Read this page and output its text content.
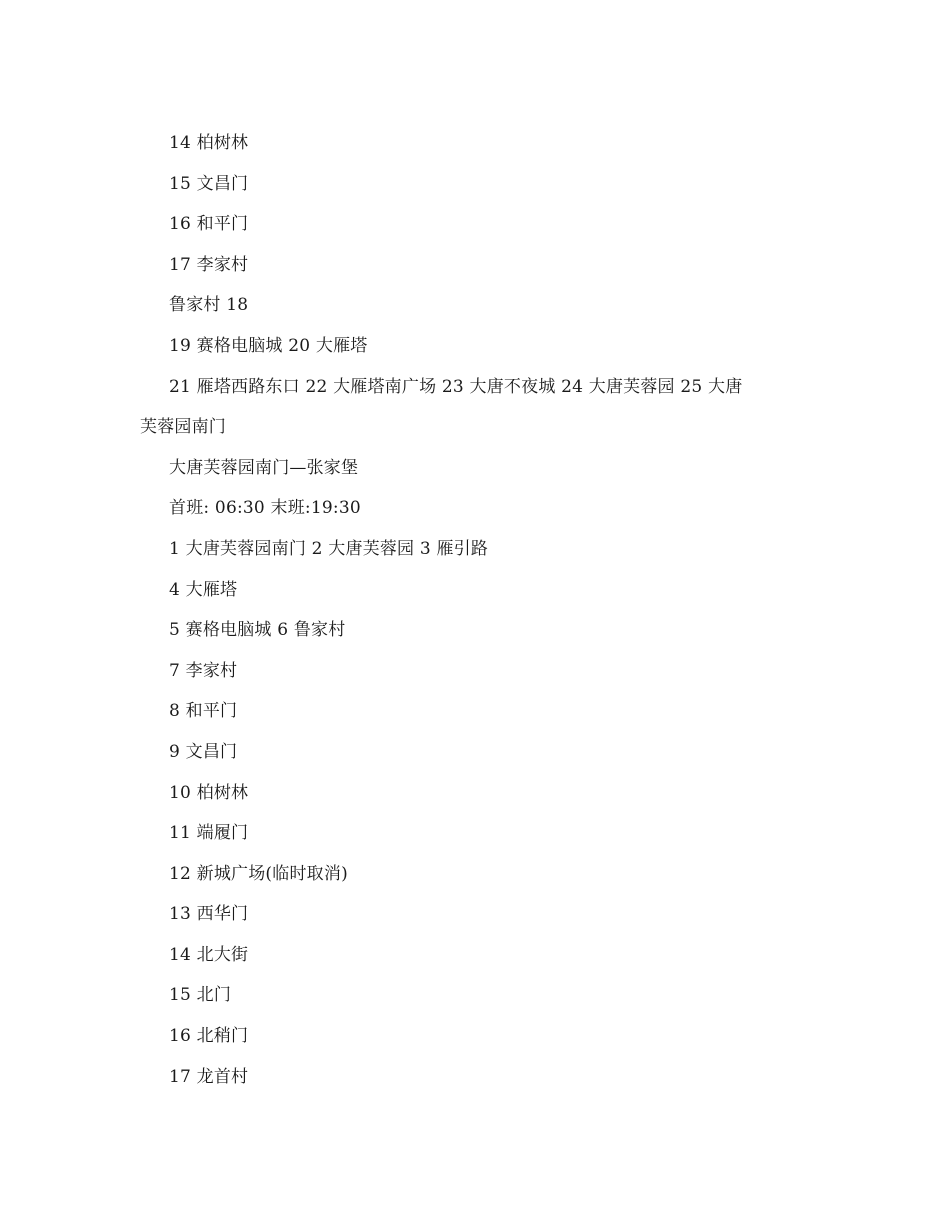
14 柏树林
15 文昌门
16 和平门
17 李家村
鲁家村 18
19 赛格电脑城 20 大雁塔
21 雁塔西路东口 22 大雁塔南广场 23 大唐不夜城 24 大唐芙蓉园 25 大唐
芙蓉园南门
大唐芙蓉园南门—张家堡
首班: 06:30 末班:19:30
1 大唐芙蓉园南门 2 大唐芙蓉园 3 雁引路
4 大雁塔
5 赛格电脑城 6 鲁家村
7 李家村
8 和平门
9 文昌门
10 柏树林
11 端履门
12 新城广场(临时取消)
13 西华门
14 北大街
15 北门
16 北稍门
17 龙首村
